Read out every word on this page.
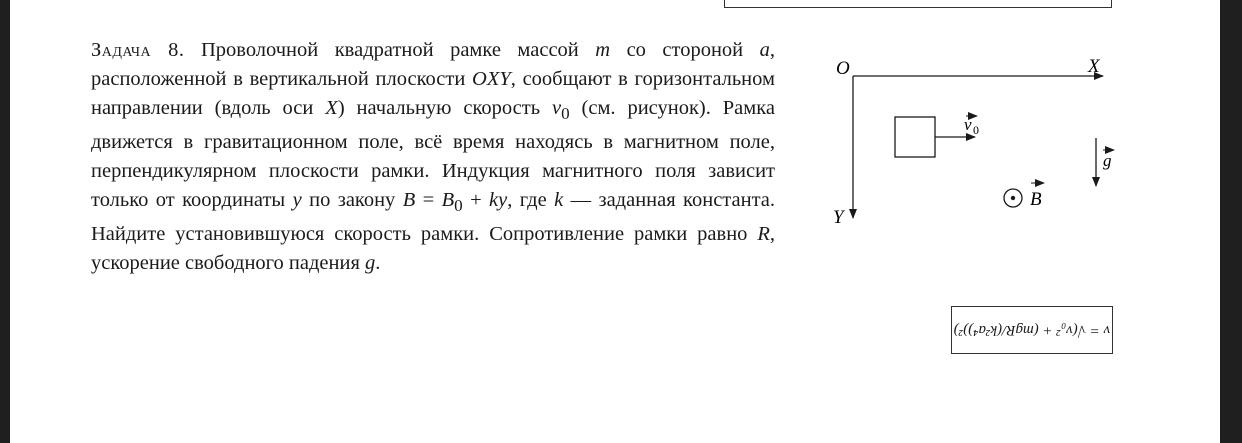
Задача 8. Проволочной квадратной рамке массой m со стороной a, расположенной в вертикальной плоскости OXY, сообщают в горизонтальном направлении (вдоль оси X) начальную скорость $v_0$ (см. рисунок). Рамка движется в гравитационном поле, всё время находясь в магнитном поле, перпендикулярном плоскости рамки. Индукция магнитного поля зависит только от координаты y по закону $B = B_0$ + ky, где k — заданная константа. Найдите установившуюся скорость рамки. Сопротивление рамки равно R, ускорение свободного падения g.
O	X
Y
v 0
g
B
v = √(v₀² + (mgR/(k²a⁴))²)
